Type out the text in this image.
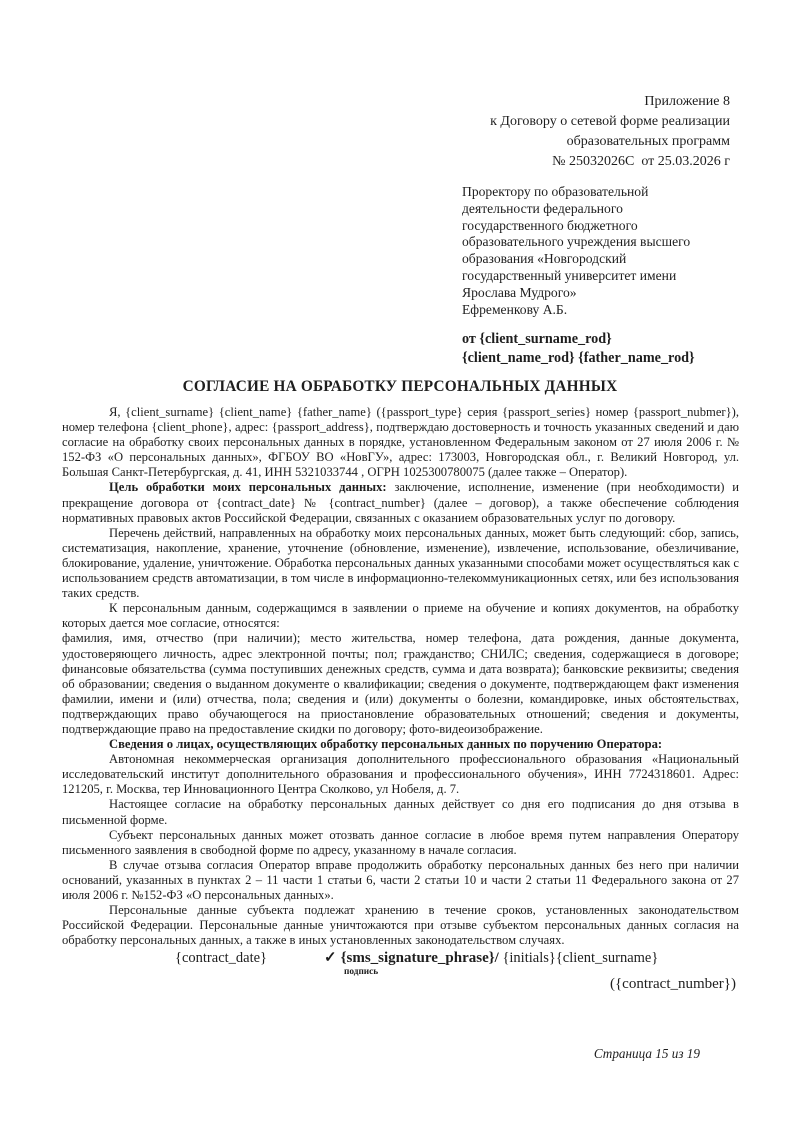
Приложение 8
к Договору о сетевой форме реализации
образовательных программ
№ 25032026С  от 25.03.2026 г
Проректору по образовательной
деятельности федерального
государственного бюджетного
образовательного учреждения высшего
образования «Новгородский
государственный университет имени
Ярослава Мудрого»
Ефременкову А.Б.
от {client_surname_rod}
{client_name_rod} {father_name_rod}
СОГЛАСИЕ НА ОБРАБОТКУ ПЕРСОНАЛЬНЫХ ДАННЫХ

Я, {client_surname} {client_name} {father_name} ({passport_type} серия {passport_series} номер {passport_nubmer}), номер телефона {client_phone}, адрес: {passport_address}, подтверждаю достоверность и точность указанных сведений и даю согласие на обработку своих персональных данных в порядке, установленном Федеральным законом от 27 июля 2006 г. № 152-ФЗ «О персональных данных», ФГБОУ ВО «НовГУ», адрес: 173003, Новгородская обл., г. Великий Новгород, ул. Большая Санкт-Петербургская, д. 41, ИНН 5321033744 , ОГРН 1025300780075 (далее также – Оператор).

Цель обработки моих персональных данных: заключение, исполнение, изменение (при необходимости) и прекращение договора от {contract_date} № {contract_number} (далее – договор), а также обеспечение соблюдения нормативных правовых актов Российской Федерации, связанных с оказанием образовательных услуг по договору.

Перечень действий, направленных на обработку моих персональных данных, может быть следующий: сбор, запись, систематизация, накопление, хранение, уточнение (обновление, изменение), извлечение, использование, обезличивание, блокирование, удаление, уничтожение. Обработка персональных данных указанными способами может осуществляться как с использованием средств автоматизации, в том числе в информационно-телекоммуникационных сетях, или без использования таких средств.

К персональным данным, содержащимся в заявлении о приеме на обучение и копиях документов, на обработку которых дается мое согласие, относятся:

фамилия, имя, отчество (при наличии); место жительства, номер телефона, дата рождения, данные документа, удостоверяющего личность, адрес электронной почты; пол; гражданство; СНИЛС; сведения, содержащиеся в договоре; финансовые обязательства (сумма поступивших денежных средств, сумма и дата возврата); банковские реквизиты; сведения об образовании; сведения о выданном документе о квалификации; сведения о документе, подтверждающем факт изменения фамилии, имени и (или) отчества, пола; сведения и (или) документы о болезни, командировке, иных обстоятельствах, подтверждающих право обучающегося на приостановление образовательных отношений; сведения и документы, подтверждающие право на предоставление скидки по договору; фото-видеоизображение.

Сведения о лицах, осуществляющих обработку персональных данных по поручению Оператора:

Автономная некоммерческая организация дополнительного профессионального образования «Национальный исследовательский институт дополнительного образования и профессионального обучения», ИНН 7724318601. Адрес: 121205, г. Москва, тер Инновационного Центра Сколково, ул Нобеля, д. 7.

Настоящее согласие на обработку персональных данных действует со дня его подписания до дня отзыва в письменной форме.

Субъект персональных данных может отозвать данное согласие в любое время путем направления Оператору письменного заявления в свободной форме по адресу, указанному в начале согласия.

В случае отзыва согласия Оператор вправе продолжить обработку персональных данных без него при наличии оснований, указанных в пунктах 2 – 11 части 1 статьи 6, части 2 статьи 10 и части 2 статьи 11 Федерального закона от 27 июля 2006 г. №152-ФЗ «О персональных данных».

Персональные данные субъекта подлежат хранению в течение сроков, установленных законодательством Российской Федерации. Персональные данные уничтожаются при отзыве субъектом персональных данных согласия на обработку персональных данных, а также в иных установленных законодательством случаях.

{contract_date}	✓ {sms_signature_phrase}/ {initials}{client_surname}
подпись
({contract_number})
Страница 15 из 19
